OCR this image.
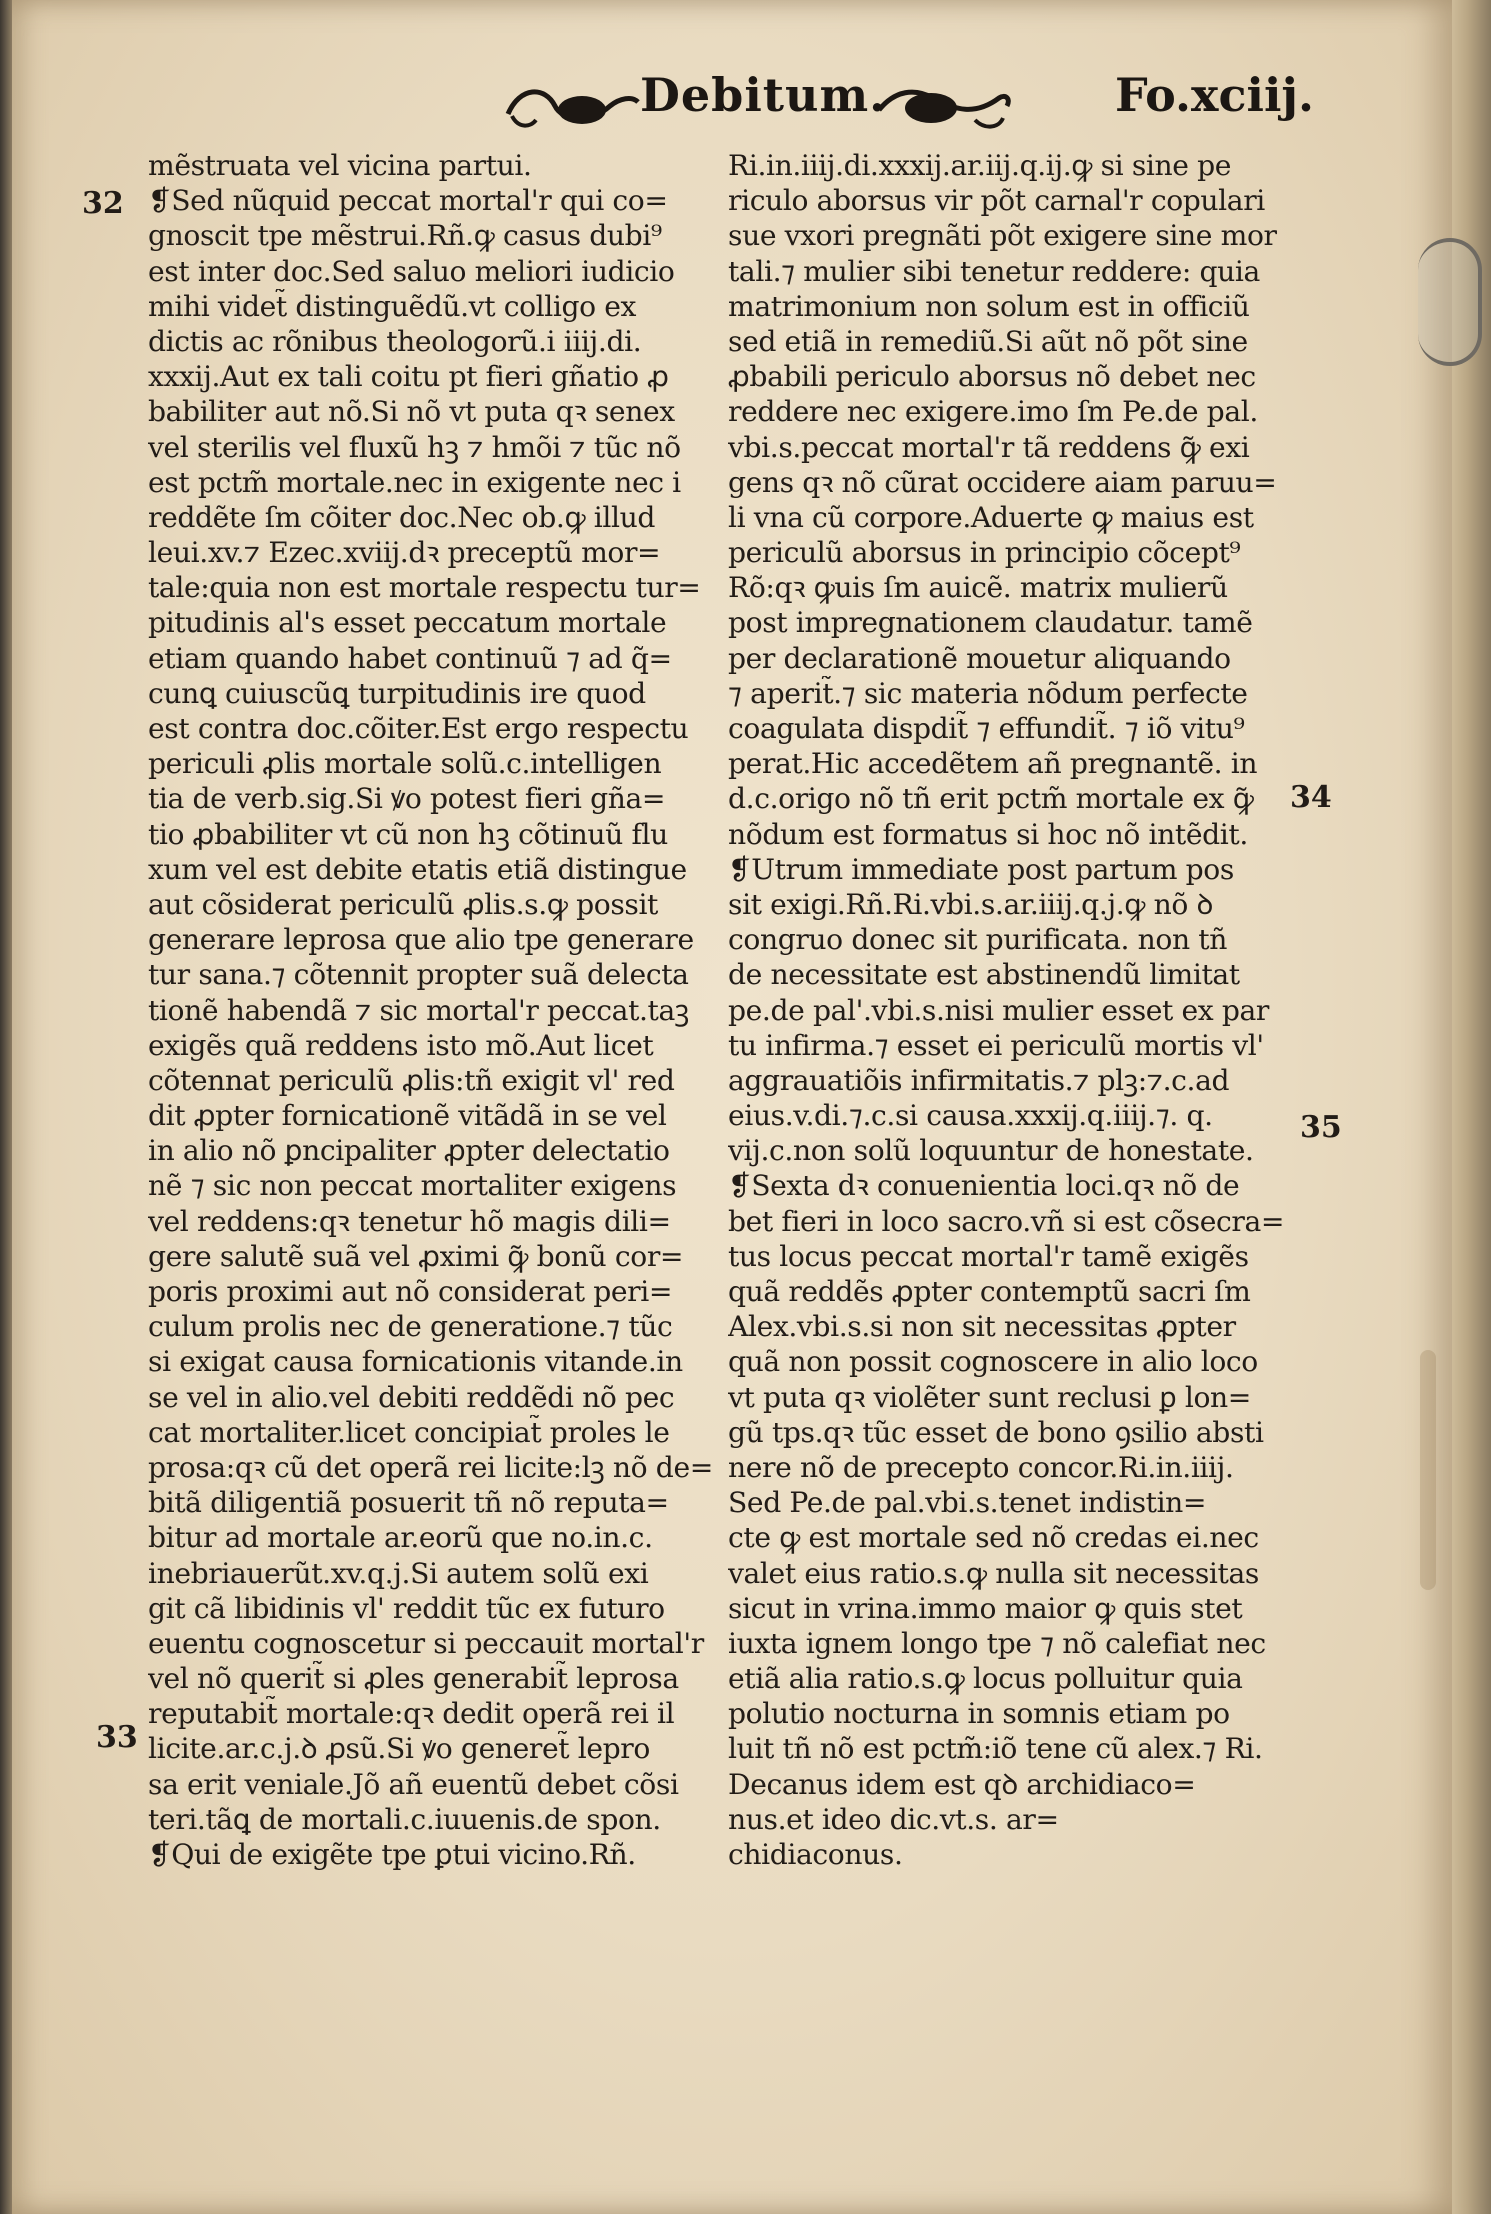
Debitum.	Fo.xciij.
32
33
34
35
mẽstruata vel vicina partui.
❡Sed nũquid peccat mortal'r qui co=
gnoscit tpe mẽstrui.Rñ.ꝙ casus dubi⁹
est inter doc.Sed saluo meliori iudicio
mihi videt̃ distinguẽdũ.vt colligo ex
dictis ac rõnibus theologorũ.i iiij.di.
xxxij.Aut ex tali coitu pt fieri gñatio ꝓ
babiliter aut nõ.Si nõ vt puta qꝛ senex
vel sterilis vel fluxũ hꝫ ⁊ hmõi ⁊ tũc nõ
est pctm̃ mortale.nec in exigente nec i
reddẽte ſm cõiter doc.Nec ob.ꝙ illud
leui.xv.⁊ Ezec.xviij.dꝛ preceptũ mor=
tale:quia non est mortale respectu tur=
pitudinis al's esset peccatum mortale
etiam quando habet continuũ ⁊ ad q̃=
cunꝗ cuiuscũꝗ turpitudinis ire quod
est contra doc.cõiter.Est ergo respectu
periculi ꝓlis mortale solũ.c.intelligen
tia de verb.sig.Si ꝟo potest fieri gña=
tio ꝓbabiliter vt cũ non hꝫ cõtinuũ flu
xum vel est debite etatis etiã distingue
aut cõsiderat periculũ ꝓlis.s.ꝙ possit
generare leprosa que alio tpe generare
tur sana.⁊ cõtennit propter suã delecta
tionẽ habendã ⁊ sic mortal'r peccat.taꝫ
exigẽs quã reddens isto mõ.Aut licet
cõtennat periculũ ꝓlis:tñ exigit vl' red
dit ꝓpter fornicationẽ vitãdã in se vel
in alio nõ ꝑncipaliter ꝓpter delectatio
nẽ ⁊ sic non peccat mortaliter exigens
vel reddens:qꝛ tenetur hõ magis dili=
gere salutẽ suã vel ꝓximi ꝙ̃ bonũ cor=
poris proximi aut nõ considerat peri=
culum prolis nec de generatione.⁊ tũc
si exigat causa fornicationis vitande.in
se vel in alio.vel debiti reddẽdi nõ pec
cat mortaliter.licet concipiat̃ proles le
prosa:qꝛ cũ det operã rei licite:lꝫ nõ de=
bitã diligentiã posuerit tñ nõ reputa=
bitur ad mortale ar.eorũ que no.in.c.
inebriauerũt.xv.q.j.Si autem solũ exi
git cã libidinis vl' reddit tũc ex futuro
euentu cognoscetur si peccauit mortal'r
vel nõ querit̃ si ꝓles generabit̃ leprosa
reputabit̃ mortale:qꝛ dedit operã rei il
licite.ar.c.j.ꝺ ꝓsũ.Si ꝟo generet̃ lepro
sa erit veniale.Jõ añ euentũ debet cõsi
teri.tãꝗ de mortali.c.iuuenis.de spon.
❡Qui de exigẽte tpe ꝑtui vicino.Rñ.
Ri.in.iiij.di.xxxij.ar.iij.q.ij.ꝙ si sine pe
riculo aborsus vir põt carnal'r copulari
sue vxori pregnãti põt exigere sine mor
tali.⁊ mulier sibi tenetur reddere: quia
matrimonium non solum est in officiũ
sed etiã in remediũ.Si aũt nõ põt sine
ꝓbabili periculo aborsus nõ debet nec
reddere nec exigere.imo ſm Pe.de pal.
vbi.s.peccat mortal'r tã reddens ꝙ̃ exi
gens qꝛ nõ cũrat occidere aiam paruu=
li vna cũ corpore.Aduerte ꝙ maius est
periculũ aborsus in principio cõcept⁹
Rõ:qꝛ ꝙuis ſm auicẽ. matrix mulierũ
post impregnationem claudatur. tamẽ
per declarationẽ mouetur aliquando
⁊ aperit̃.⁊ sic materia nõdum perfecte
coagulata dispdit̃ ⁊ effundit̃. ⁊ iõ vitu⁹
perat.Hic accedẽtem añ pregnantẽ. in
d.c.origo nõ tñ erit pctm̃ mortale ex ꝙ̃
nõdum est formatus si hoc nõ intẽdit.
❡Utrum immediate post partum pos
sit exigi.Rñ.Ri.vbi.s.ar.iiij.q.j.ꝙ nõ ꝺ
congruo donec sit purificata. non tñ
de necessitate est abstinendũ limitat
pe.de pal'.vbi.s.nisi mulier esset ex par
tu infirma.⁊ esset ei periculũ mortis vl'
aggrauatiõis infirmitatis.⁊ plꝫ:⁊.c.ad
eius.v.di.⁊.c.si causa.xxxij.q.iiij.⁊. q.
vij.c.non solũ loquuntur de honestate.
❡Sexta dꝛ conuenientia loci.qꝛ nõ de
bet fieri in loco sacro.vñ si est cõsecra=
tus locus peccat mortal'r tamẽ exigẽs
quã reddẽs ꝓpter contemptũ sacri ſm
Alex.vbi.s.si non sit necessitas ꝓpter
quã non possit cognoscere in alio loco
vt puta qꝛ violẽter sunt reclusi ꝑ lon=
gũ tps.qꝛ tũc esset de bono ꝯsilio absti
nere nõ de precepto concor.Ri.in.iiij.
Sed Pe.de pal.vbi.s.tenet indistin=
cte ꝙ est mortale sed nõ credas ei.nec
valet eius ratio.s.ꝙ nulla sit necessitas
sicut in vrina.immo maior ꝙ quis stet
iuxta ignem longo tpe ⁊ nõ calefiat nec
etiã alia ratio.s.ꝙ locus polluitur quia
polutio nocturna in somnis etiam po
luit tñ nõ est pctm̃:iõ tene cũ alex.⁊ Ri.
Decanus idem est qꝺ archidiaco=
nus.et ideo dic.vt.s. ar=
chidiaconus.
